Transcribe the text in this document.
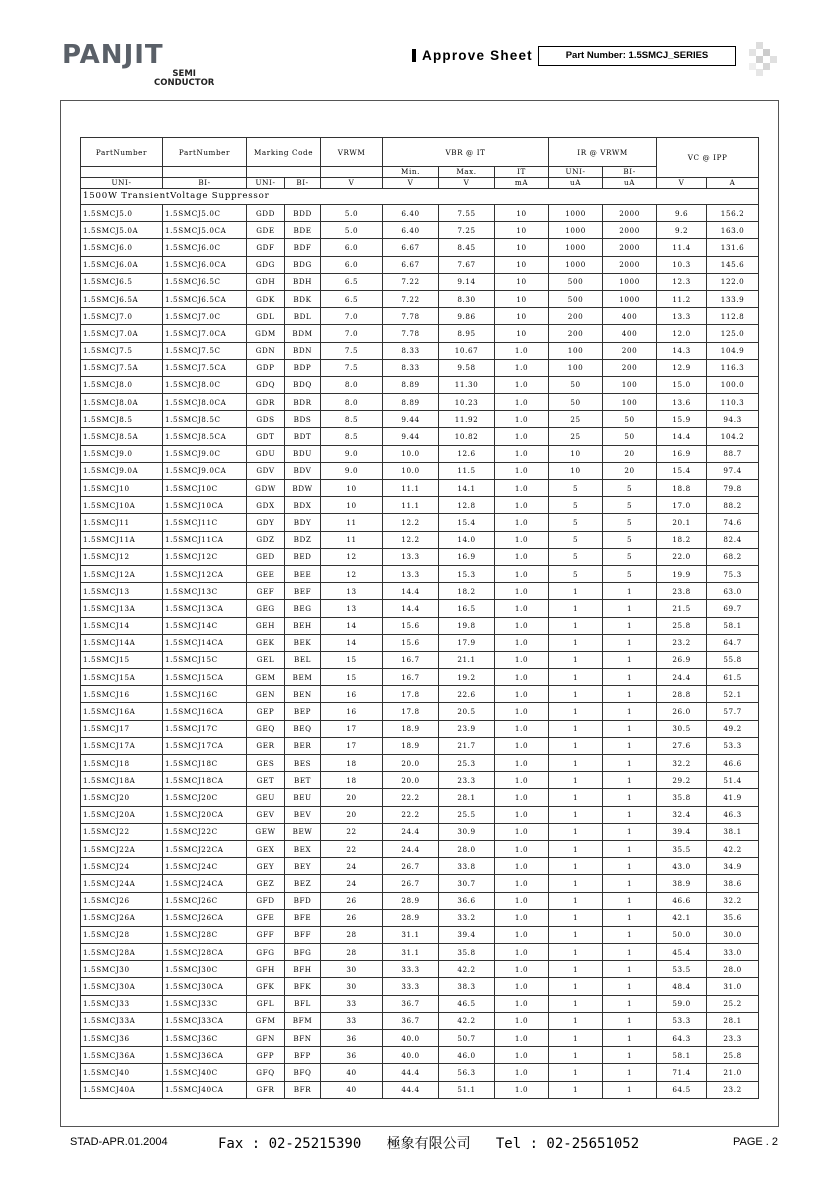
PANJIT
SEMI
CONDUCTOR
Approve Sheet	Part Number: 1.5SMCJ_SERIES
PartNumber	PartNumber	Marking Code		VRWM	VBR @ IT			IR @ VRWM		VC @ IPP	
					Min.	Max.	IT	UNI-	BI-		
UNI-	BI-	UNI-	BI-	V	V	V	mA	uA	uA	V	A
1500W TransientVoltage Suppressor											
1.5SMCJ5.0	1.5SMCJ5.0C	GDD	BDD	5.0	6.40	7.55	10	1000	2000	9.6	156.2
1.5SMCJ5.0A	1.5SMCJ5.0CA	GDE	BDE	5.0	6.40	7.25	10	1000	2000	9.2	163.0
1.5SMCJ6.0	1.5SMCJ6.0C	GDF	BDF	6.0	6.67	8.45	10	1000	2000	11.4	131.6
1.5SMCJ6.0A	1.5SMCJ6.0CA	GDG	BDG	6.0	6.67	7.67	10	1000	2000	10.3	145.6
1.5SMCJ6.5	1.5SMCJ6.5C	GDH	BDH	6.5	7.22	9.14	10	500	1000	12.3	122.0
1.5SMCJ6.5A	1.5SMCJ6.5CA	GDK	BDK	6.5	7.22	8.30	10	500	1000	11.2	133.9
1.5SMCJ7.0	1.5SMCJ7.0C	GDL	BDL	7.0	7.78	9.86	10	200	400	13.3	112.8
1.5SMCJ7.0A	1.5SMCJ7.0CA	GDM	BDM	7.0	7.78	8.95	10	200	400	12.0	125.0
1.5SMCJ7.5	1.5SMCJ7.5C	GDN	BDN	7.5	8.33	10.67	1.0	100	200	14.3	104.9
1.5SMCJ7.5A	1.5SMCJ7.5CA	GDP	BDP	7.5	8.33	9.58	1.0	100	200	12.9	116.3
1.5SMCJ8.0	1.5SMCJ8.0C	GDQ	BDQ	8.0	8.89	11.30	1.0	50	100	15.0	100.0
1.5SMCJ8.0A	1.5SMCJ8.0CA	GDR	BDR	8.0	8.89	10.23	1.0	50	100	13.6	110.3
1.5SMCJ8.5	1.5SMCJ8.5C	GDS	BDS	8.5	9.44	11.92	1.0	25	50	15.9	94.3
1.5SMCJ8.5A	1.5SMCJ8.5CA	GDT	BDT	8.5	9.44	10.82	1.0	25	50	14.4	104.2
1.5SMCJ9.0	1.5SMCJ9.0C	GDU	BDU	9.0	10.0	12.6	1.0	10	20	16.9	88.7
1.5SMCJ9.0A	1.5SMCJ9.0CA	GDV	BDV	9.0	10.0	11.5	1.0	10	20	15.4	97.4
1.5SMCJ10	1.5SMCJ10C	GDW	BDW	10	11.1	14.1	1.0	5	5	18.8	79.8
1.5SMCJ10A	1.5SMCJ10CA	GDX	BDX	10	11.1	12.8	1.0	5	5	17.0	88.2
1.5SMCJ11	1.5SMCJ11C	GDY	BDY	11	12.2	15.4	1.0	5	5	20.1	74.6
1.5SMCJ11A	1.5SMCJ11CA	GDZ	BDZ	11	12.2	14.0	1.0	5	5	18.2	82.4
1.5SMCJ12	1.5SMCJ12C	GED	BED	12	13.3	16.9	1.0	5	5	22.0	68.2
1.5SMCJ12A	1.5SMCJ12CA	GEE	BEE	12	13.3	15.3	1.0	5	5	19.9	75.3
1.5SMCJ13	1.5SMCJ13C	GEF	BEF	13	14.4	18.2	1.0	1	1	23.8	63.0
1.5SMCJ13A	1.5SMCJ13CA	GEG	BEG	13	14.4	16.5	1.0	1	1	21.5	69.7
1.5SMCJ14	1.5SMCJ14C	GEH	BEH	14	15.6	19.8	1.0	1	1	25.8	58.1
1.5SMCJ14A	1.5SMCJ14CA	GEK	BEK	14	15.6	17.9	1.0	1	1	23.2	64.7
1.5SMCJ15	1.5SMCJ15C	GEL	BEL	15	16.7	21.1	1.0	1	1	26.9	55.8
1.5SMCJ15A	1.5SMCJ15CA	GEM	BEM	15	16.7	19.2	1.0	1	1	24.4	61.5
1.5SMCJ16	1.5SMCJ16C	GEN	BEN	16	17.8	22.6	1.0	1	1	28.8	52.1
1.5SMCJ16A	1.5SMCJ16CA	GEP	BEP	16	17.8	20.5	1.0	1	1	26.0	57.7
1.5SMCJ17	1.5SMCJ17C	GEQ	BEQ	17	18.9	23.9	1.0	1	1	30.5	49.2
1.5SMCJ17A	1.5SMCJ17CA	GER	BER	17	18.9	21.7	1.0	1	1	27.6	53.3
1.5SMCJ18	1.5SMCJ18C	GES	BES	18	20.0	25.3	1.0	1	1	32.2	46.6
1.5SMCJ18A	1.5SMCJ18CA	GET	BET	18	20.0	23.3	1.0	1	1	29.2	51.4
1.5SMCJ20	1.5SMCJ20C	GEU	BEU	20	22.2	28.1	1.0	1	1	35.8	41.9
1.5SMCJ20A	1.5SMCJ20CA	GEV	BEV	20	22.2	25.5	1.0	1	1	32.4	46.3
1.5SMCJ22	1.5SMCJ22C	GEW	BEW	22	24.4	30.9	1.0	1	1	39.4	38.1
1.5SMCJ22A	1.5SMCJ22CA	GEX	BEX	22	24.4	28.0	1.0	1	1	35.5	42.2
1.5SMCJ24	1.5SMCJ24C	GEY	BEY	24	26.7	33.8	1.0	1	1	43.0	34.9
1.5SMCJ24A	1.5SMCJ24CA	GEZ	BEZ	24	26.7	30.7	1.0	1	1	38.9	38.6
1.5SMCJ26	1.5SMCJ26C	GFD	BFD	26	28.9	36.6	1.0	1	1	46.6	32.2
1.5SMCJ26A	1.5SMCJ26CA	GFE	BFE	26	28.9	33.2	1.0	1	1	42.1	35.6
1.5SMCJ28	1.5SMCJ28C	GFF	BFF	28	31.1	39.4	1.0	1	1	50.0	30.0
1.5SMCJ28A	1.5SMCJ28CA	GFG	BFG	28	31.1	35.8	1.0	1	1	45.4	33.0
1.5SMCJ30	1.5SMCJ30C	GFH	BFH	30	33.3	42.2	1.0	1	1	53.5	28.0
1.5SMCJ30A	1.5SMCJ30CA	GFK	BFK	30	33.3	38.3	1.0	1	1	48.4	31.0
1.5SMCJ33	1.5SMCJ33C	GFL	BFL	33	36.7	46.5	1.0	1	1	59.0	25.2
1.5SMCJ33A	1.5SMCJ33CA	GFM	BFM	33	36.7	42.2	1.0	1	1	53.3	28.1
1.5SMCJ36	1.5SMCJ36C	GFN	BFN	36	40.0	50.7	1.0	1	1	64.3	23.3
1.5SMCJ36A	1.5SMCJ36CA	GFP	BFP	36	40.0	46.0	1.0	1	1	58.1	25.8
1.5SMCJ40	1.5SMCJ40C	GFQ	BFQ	40	44.4	56.3	1.0	1	1	71.4	21.0
1.5SMCJ40A	1.5SMCJ40CA	GFR	BFR	40	44.4	51.1	1.0	1	1	64.5	23.2
STAD-APR.01.2004	Fax : 02-25215390   極象有限公司   Tel : 02-25651052	PAGE . 2
